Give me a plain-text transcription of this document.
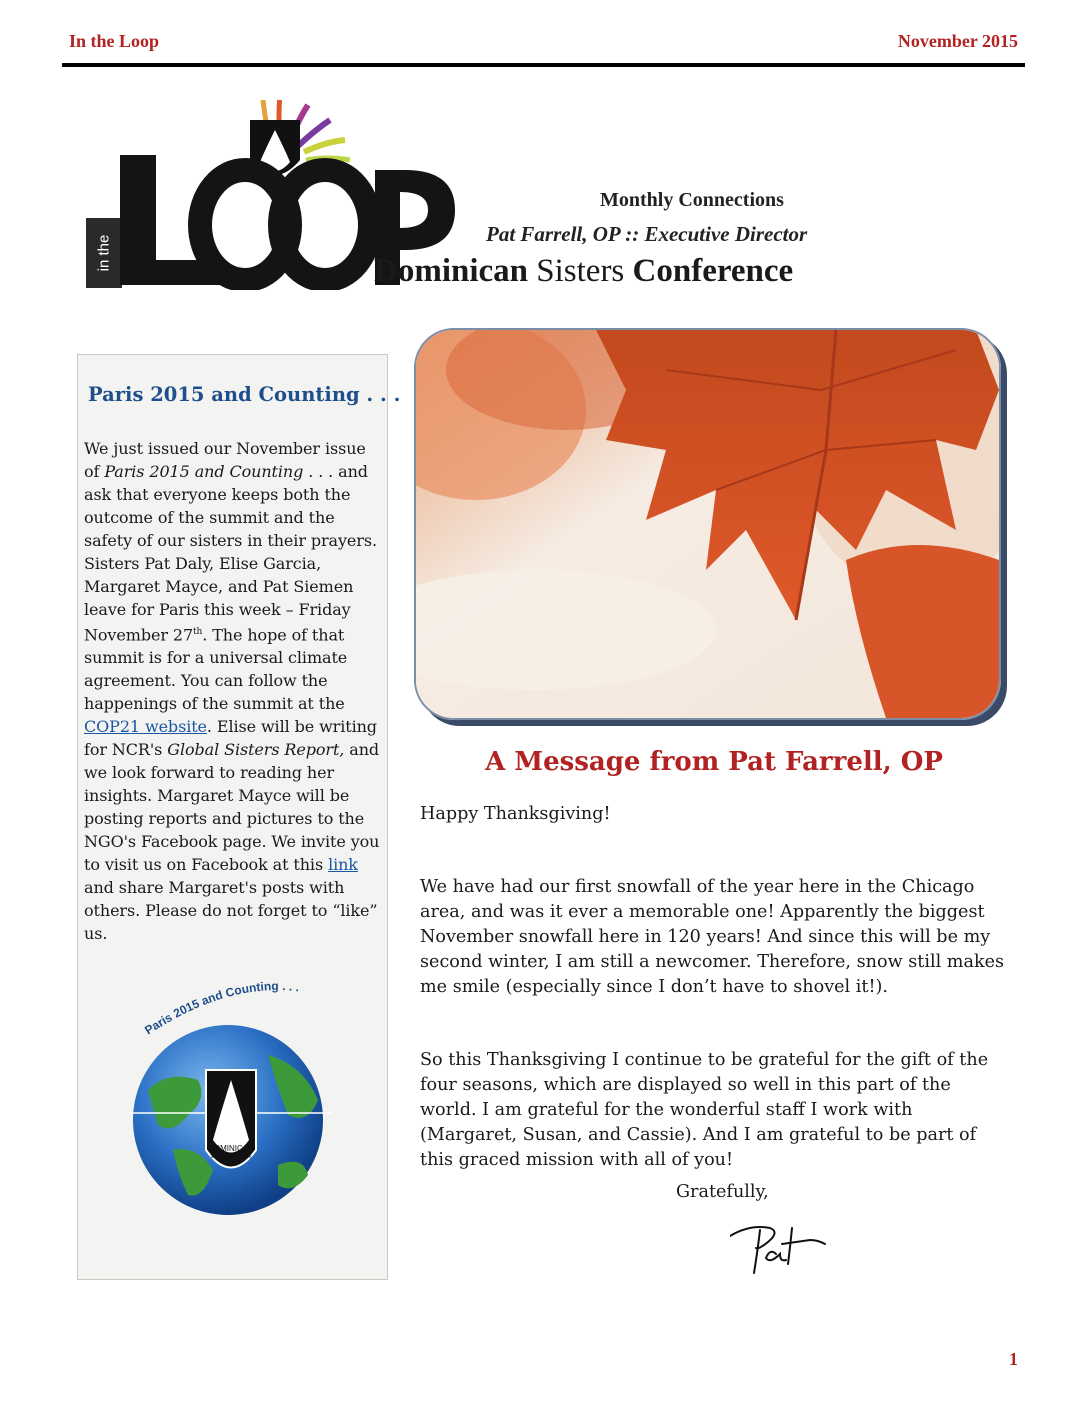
In the Loop	November 2015
in the
Monthly Connections
Pat Farrell, OP :: Executive Director
Dominican Sisters Conference
Paris 2015 and Counting . . .
We just issued our November issue of Paris 2015 and Counting . . . and ask that everyone keeps both the outcome of the summit and the safety of our sisters in their prayers. Sisters Pat Daly, Elise Garcia, Margaret Mayce, and Pat Siemen leave for Paris this week – Friday November 27th. The hope of that summit is for a universal climate agreement. You can follow the happenings of the summit at the COP21 website. Elise will be writing for NCR's Global Sisters Report, and we look forward to reading her insights. Margaret Mayce will be posting reports and pictures to the NGO's Facebook page. We invite you to visit us on Facebook at this link and share Margaret's posts with others. Please do not forget to “like” us.
Paris 2015 and Counting . . .
DOMINICAN
sisters conference
A Message from Pat Farrell, OP

Happy Thanksgiving!

We have had our first snowfall of the year here in the Chicago area, and was it ever a memorable one! Apparently the biggest November snowfall here in 120 years! And since this will be my second winter, I am still a newcomer. Therefore, snow still makes me smile (especially since I don’t have to shovel it!).

So this Thanksgiving I continue to be grateful for the gift of the four seasons, which are displayed so well in this part of the world. I am grateful for the wonderful staff I work with (Margaret, Susan, and Cassie). And I am grateful to be part of this graced mission with all of you!

Gratefully,
1
